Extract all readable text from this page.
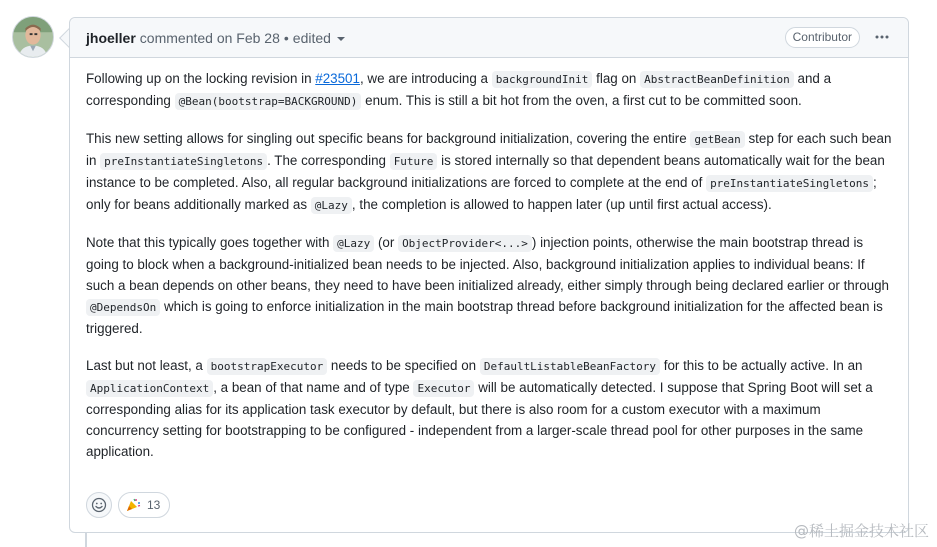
jhoeller commented on Feb 28 • edited	Contributor

Following up on the locking revision in #23501, we are introducing a backgroundInit flag on AbstractBeanDefinition and a corresponding @Bean(bootstrap=BACKGROUND) enum. This is still a bit hot from the oven, a first cut to be committed soon.

This new setting allows for singling out specific beans for background initialization, covering the entire getBean step for each such bean in preInstantiateSingletons . The corresponding Future is stored internally so that dependent beans automatically wait for the bean instance to be completed. Also, all regular background initializations are forced to complete at the end of preInstantiateSingletons ; only for beans additionally marked as @Lazy , the completion is allowed to happen later (up until first actual access).

Note that this typically goes together with @Lazy (or ObjectProvider<...> ) injection points, otherwise the main bootstrap thread is going to block when a background-initialized bean needs to be injected. Also, background initialization applies to individual beans: If such a bean depends on other beans, they need to have been initialized already, either simply through being declared earlier or through @DependsOn which is going to enforce initialization in the main bootstrap thread before background initialization for the affected bean is triggered.

Last but not least, a bootstrapExecutor needs to be specified on DefaultListableBeanFactory for this to be actually active. In an ApplicationContext , a bean of that name and of type Executor will be automatically detected. I suppose that Spring Boot will set a corresponding alias for its application task executor by default, but there is also room for a custom executor with a maximum concurrency setting for bootstrapping to be configured - independent from a larger-scale thread pool for other purposes in the same application.

13
@稀土掘金技术社区
